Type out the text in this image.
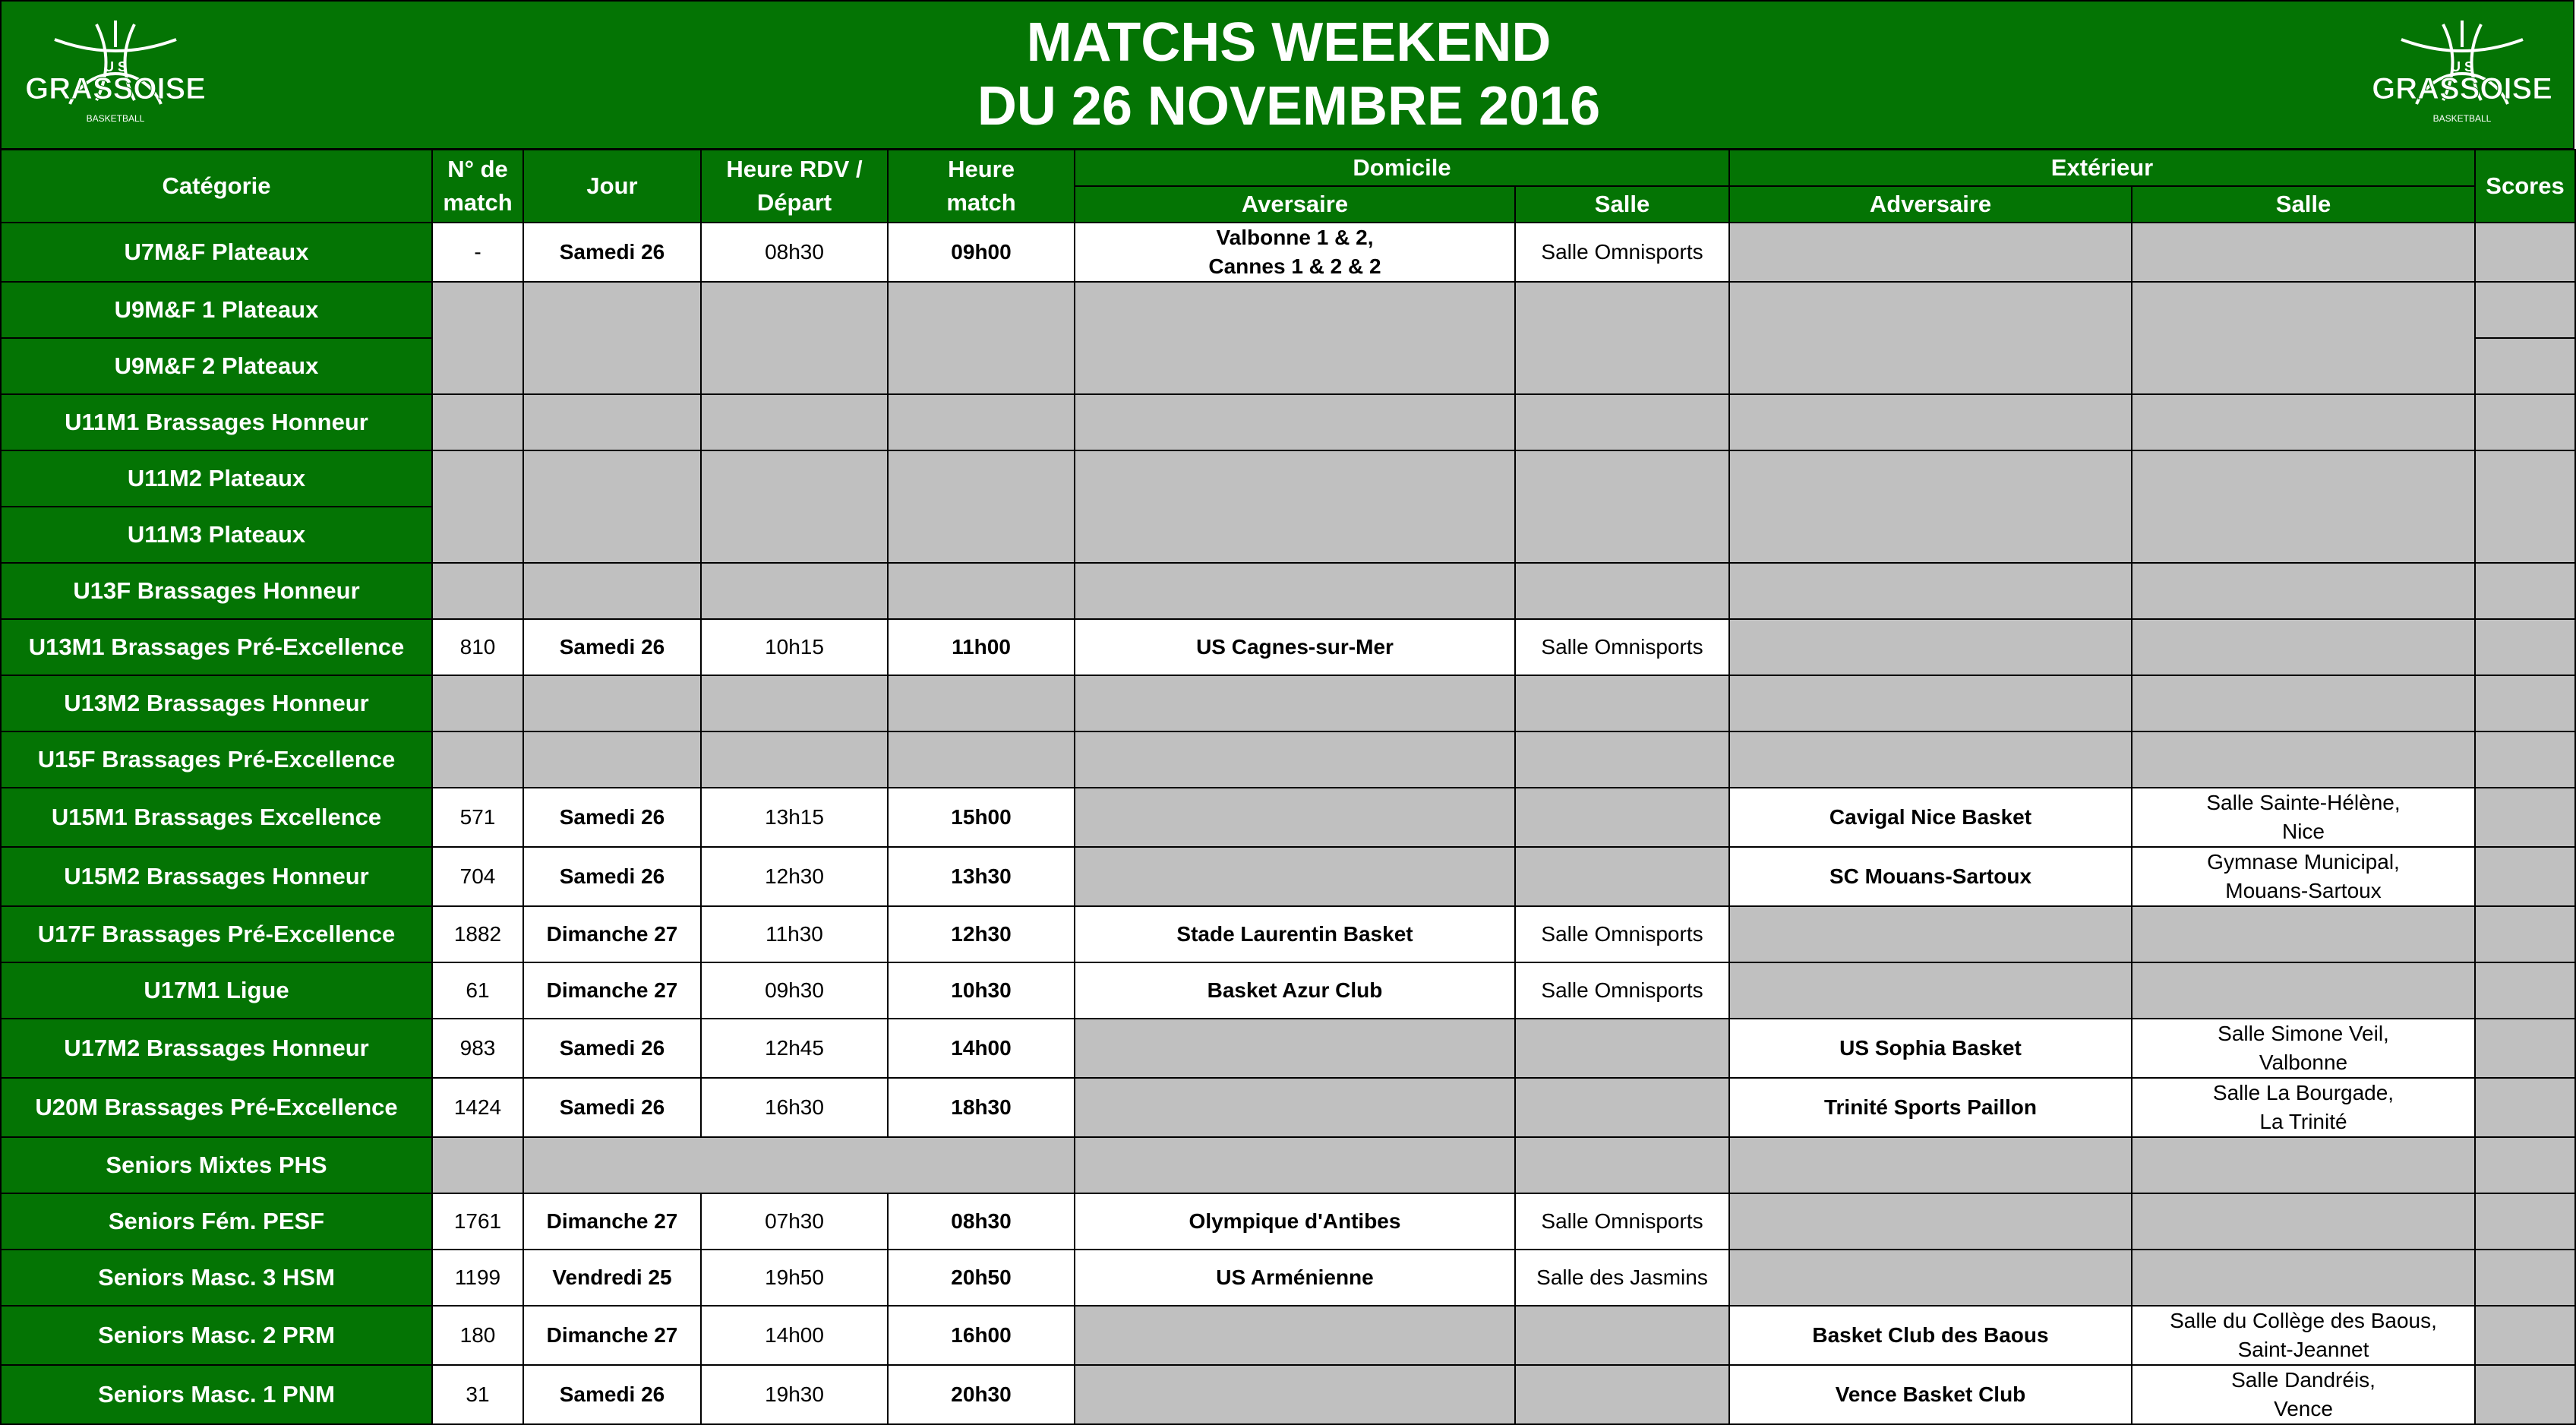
U S
GRASSOISE
BASKETBALL
MATCHS WEEKEND
DU 26 NOVEMBRE 2016
U S
GRASSOISE
BASKETBALL
Catégorie	N° de match	Jour	Heure RDV / Départ	Heure match	Domicile		Extérieur		Scores
					Aversaire	Salle	Adversaire	Salle	
U7M&F Plateaux	-	Samedi 26	08h30	09h00	Valbonne 1 & 2,
Cannes 1 & 2 & 2	Salle Omnisports			
U9M&F 1 Plateaux									
U9M&F 2 Plateaux									
U11M1 Brassages Honneur									
U11M2 Plateaux									
U11M3 Plateaux									
U13F Brassages Honneur									
U13M1 Brassages Pré-Excellence	810	Samedi 26	10h15	11h00	US Cagnes-sur-Mer	Salle Omnisports			
U13M2 Brassages Honneur									
U15F Brassages Pré-Excellence									
U15M1 Brassages Excellence	571	Samedi 26	13h15	15h00			Cavigal Nice Basket	Salle Sainte-Hélène,
Nice	
U15M2 Brassages Honneur	704	Samedi 26	12h30	13h30			SC Mouans-Sartoux	Gymnase Municipal,
Mouans-Sartoux	
U17F Brassages Pré-Excellence	1882	Dimanche 27	11h30	12h30	Stade Laurentin Basket	Salle Omnisports			
U17M1 Ligue	61	Dimanche 27	09h30	10h30	Basket Azur Club	Salle Omnisports			
U17M2 Brassages Honneur	983	Samedi 26	12h45	14h00			US Sophia Basket	Salle Simone Veil,
Valbonne	
U20M Brassages Pré-Excellence	1424	Samedi 26	16h30	18h30			Trinité Sports Paillon	Salle La Bourgade,
La Trinité	
Seniors Mixtes PHS									
Seniors Fém. PESF	1761	Dimanche 27	07h30	08h30	Olympique d'Antibes	Salle Omnisports			
Seniors Masc. 3 HSM	1199	Vendredi 25	19h50	20h50	US Arménienne	Salle des Jasmins			
Seniors Masc. 2 PRM	180	Dimanche 27	14h00	16h00			Basket Club des Baous	Salle du Collège des Baous,
Saint-Jeannet	
Seniors Masc. 1 PNM	31	Samedi 26	19h30	20h30			Vence Basket Club	Salle Dandréis,
Vence	
